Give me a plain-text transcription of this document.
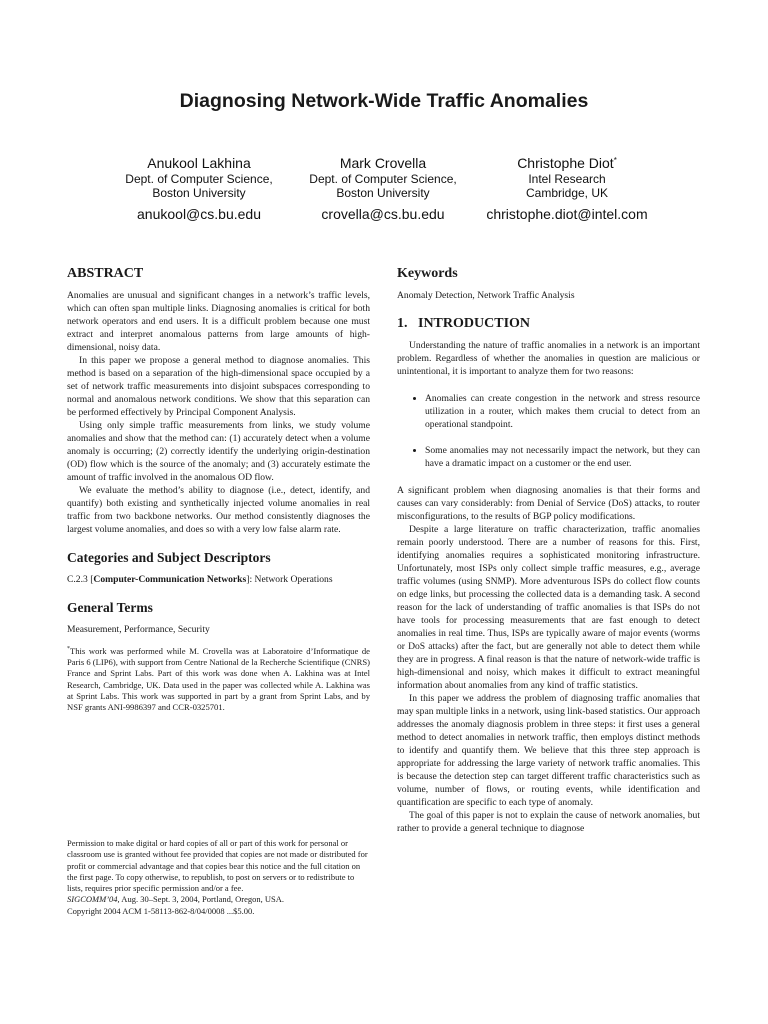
Diagnosing Network-Wide Traffic Anomalies
Anukool Lakhina
Dept. of Computer Science,
Boston University
anukool@cs.bu.edu
Mark Crovella
Dept. of Computer Science,
Boston University
crovella@cs.bu.edu
Christophe Diot*
Intel Research
Cambridge, UK
christophe.diot@intel.com
ABSTRACT

Anomalies are unusual and significant changes in a network’s traffic levels, which can often span multiple links. Diagnosing anomalies is critical for both network operators and end users. It is a difficult problem because one must extract and interpret anomalous patterns from large amounts of high-dimensional, noisy data.

In this paper we propose a general method to diagnose anomalies. This method is based on a separation of the high-dimensional space occupied by a set of network traffic measurements into disjoint subspaces corresponding to normal and anomalous network conditions. We show that this separation can be performed effectively by Principal Component Analysis.

Using only simple traffic measurements from links, we study volume anomalies and show that the method can: (1) accurately detect when a volume anomaly is occurring; (2) correctly identify the underlying origin-destination (OD) flow which is the source of the anomaly; and (3) accurately estimate the amount of traffic involved in the anomalous OD flow.

We evaluate the method’s ability to diagnose (i.e., detect, identify, and quantify) both existing and synthetically injected volume anomalies in real traffic from two backbone networks. Our method consistently diagnoses the largest volume anomalies, and does so with a very low false alarm rate.

Categories and Subject Descriptors

C.2.3 [Computer-Communication Networks]: Network Operations

General Terms

Measurement, Performance, Security

*This work was performed while M. Crovella was at Laboratoire d’Informatique de Paris 6 (LIP6), with support from Centre National de la Recherche Scientifique (CNRS) France and Sprint Labs. Part of this work was done when A. Lakhina was at Intel Research, Cambridge, UK. Data used in the paper was collected while A. Lakhina was at Sprint Labs. This work was supported in part by a grant from Sprint Labs, and by NSF grants ANI-9986397 and CCR-0325701.

Permission to make digital or hard copies of all or part of this work for personal or classroom use is granted without fee provided that copies are not made or distributed for profit or commercial advantage and that copies bear this notice and the full citation on the first page. To copy otherwise, to republish, to post on servers or to redistribute to lists, requires prior specific permission and/or a fee.

SIGCOMM’04, Aug. 30–Sept. 3, 2004, Portland, Oregon, USA.

Copyright 2004 ACM 1-58113-862-8/04/0008 ...$5.00.

Keywords

Anomaly Detection, Network Traffic Analysis

1.   INTRODUCTION

Understanding the nature of traffic anomalies in a network is an important problem. Regardless of whether the anomalies in question are malicious or unintentional, it is important to analyze them for two reasons:

• Anomalies can create congestion in the network and stress resource utilization in a router, which makes them crucial to detect from an operational standpoint.
• Some anomalies may not necessarily impact the network, but they can have a dramatic impact on a customer or the end user.

A significant problem when diagnosing anomalies is that their forms and causes can vary considerably: from Denial of Service (DoS) attacks, to router misconfigurations, to the results of BGP policy modifications.

Despite a large literature on traffic characterization, traffic anomalies remain poorly understood. There are a number of reasons for this. First, identifying anomalies requires a sophisticated monitoring infrastructure. Unfortunately, most ISPs only collect simple traffic measures, e.g., average traffic volumes (using SNMP). More adventurous ISPs do collect flow counts on edge links, but processing the collected data is a demanding task. A second reason for the lack of understanding of traffic anomalies is that ISPs do not have tools for processing measurements that are fast enough to detect anomalies in real time. Thus, ISPs are typically aware of major events (worms or DoS attacks) after the fact, but are generally not able to detect them while they are in progress. A final reason is that the nature of network-wide traffic is high-dimensional and noisy, which makes it difficult to extract meaningful information about anomalies from any kind of traffic statistics.

In this paper we address the problem of diagnosing traffic anomalies that may span multiple links in a network, using link-based statistics. Our approach addresses the anomaly diagnosis problem in three steps: it first uses a general method to detect anomalies in network traffic, then employs distinct methods to identify and quantify them. We believe that this three step approach is appropriate for addressing the large variety of network traffic anomalies. This is because the detection step can target different traffic characteristics such as volume, number of flows, or routing events, while identification and quantification are specific to each type of anomaly.

The goal of this paper is not to explain the cause of network anomalies, but rather to provide a general technique to diagnose
